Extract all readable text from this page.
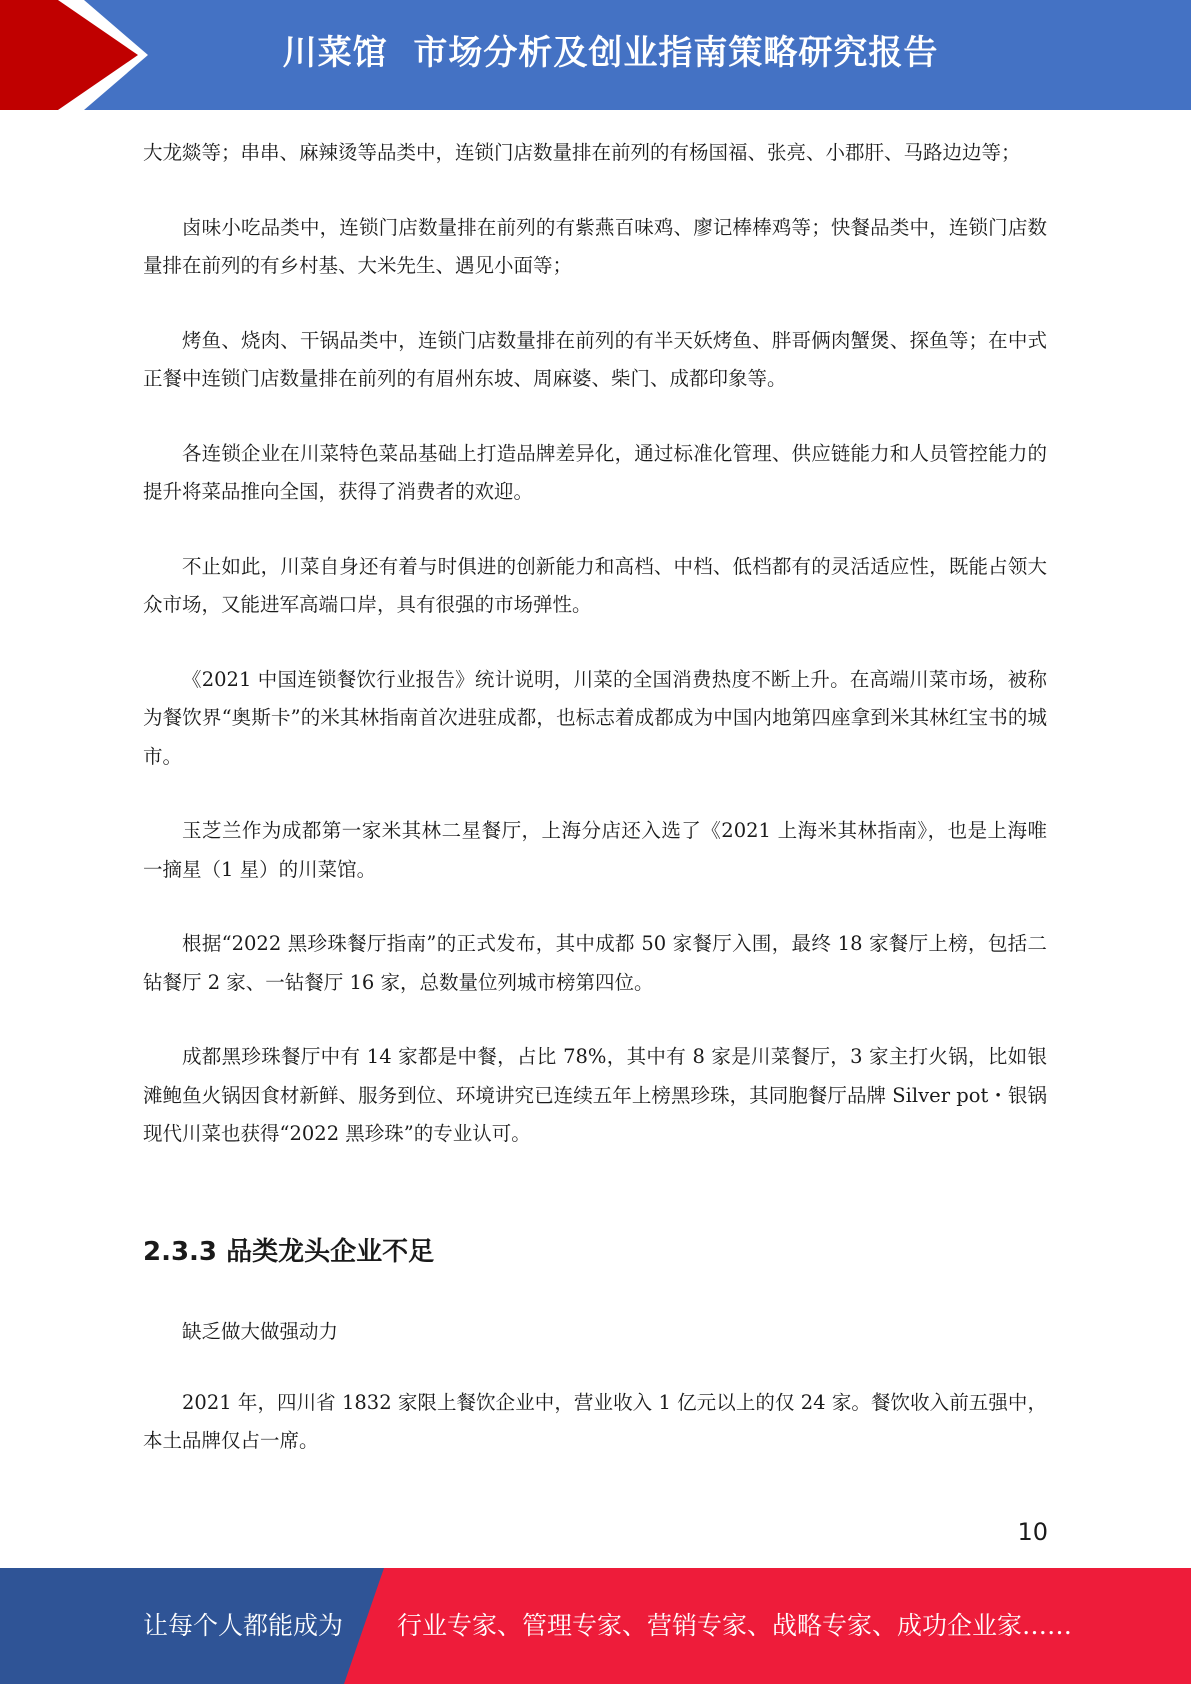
川菜馆  市场分析及创业指南策略研究报告

大龙燚等；串串、麻辣烫等品类中，连锁门店数量排在前列的有杨国福、张亮、小郡肝、马路边边等；

卤味小吃品类中，连锁门店数量排在前列的有紫燕百味鸡、廖记棒棒鸡等；快餐品类中，连锁门店数量排在前列的有乡村基、大米先生、遇见小面等；

烤鱼、烧肉、干锅品类中，连锁门店数量排在前列的有半天妖烤鱼、胖哥俩肉蟹煲、探鱼等；在中式正餐中连锁门店数量排在前列的有眉州东坡、周麻婆、柴门、成都印象等。

各连锁企业在川菜特色菜品基础上打造品牌差异化，通过标准化管理、供应链能力和人员管控能力的提升将菜品推向全国，获得了消费者的欢迎。

不止如此，川菜自身还有着与时俱进的创新能力和高档、中档、低档都有的灵活适应性，既能占领大众市场，又能进军高端口岸，具有很强的市场弹性。

《2021 中国连锁餐饮行业报告》统计说明，川菜的全国消费热度不断上升。在高端川菜市场，被称为餐饮界“奥斯卡”的米其林指南首次进驻成都，也标志着成都成为中国内地第四座拿到米其林红宝书的城市。

玉芝兰作为成都第一家米其林二星餐厅，上海分店还入选了《2021 上海米其林指南》，也是上海唯一摘星（1 星）的川菜馆。

根据“2022 黑珍珠餐厅指南”的正式发布，其中成都 50 家餐厅入围，最终 18 家餐厅上榜，包括二钻餐厅 2 家、一钻餐厅 16 家，总数量位列城市榜第四位。

成都黑珍珠餐厅中有 14 家都是中餐，占比 78%，其中有 8 家是川菜餐厅，3 家主打火锅，比如银滩鲍鱼火锅因食材新鲜、服务到位、环境讲究已连续五年上榜黑珍珠，其同胞餐厅品牌 Silver pot・银锅现代川菜也获得“2022 黑珍珠”的专业认可。

2.3.3 品类龙头企业不足

缺乏做大做强动力

2021 年，四川省 1832 家限上餐饮企业中，营业收入 1 亿元以上的仅 24 家。餐饮收入前五强中，本土品牌仅占一席。

10
让每个人都能成为 行业专家、管理专家、营销专家、战略专家、成功企业家……
